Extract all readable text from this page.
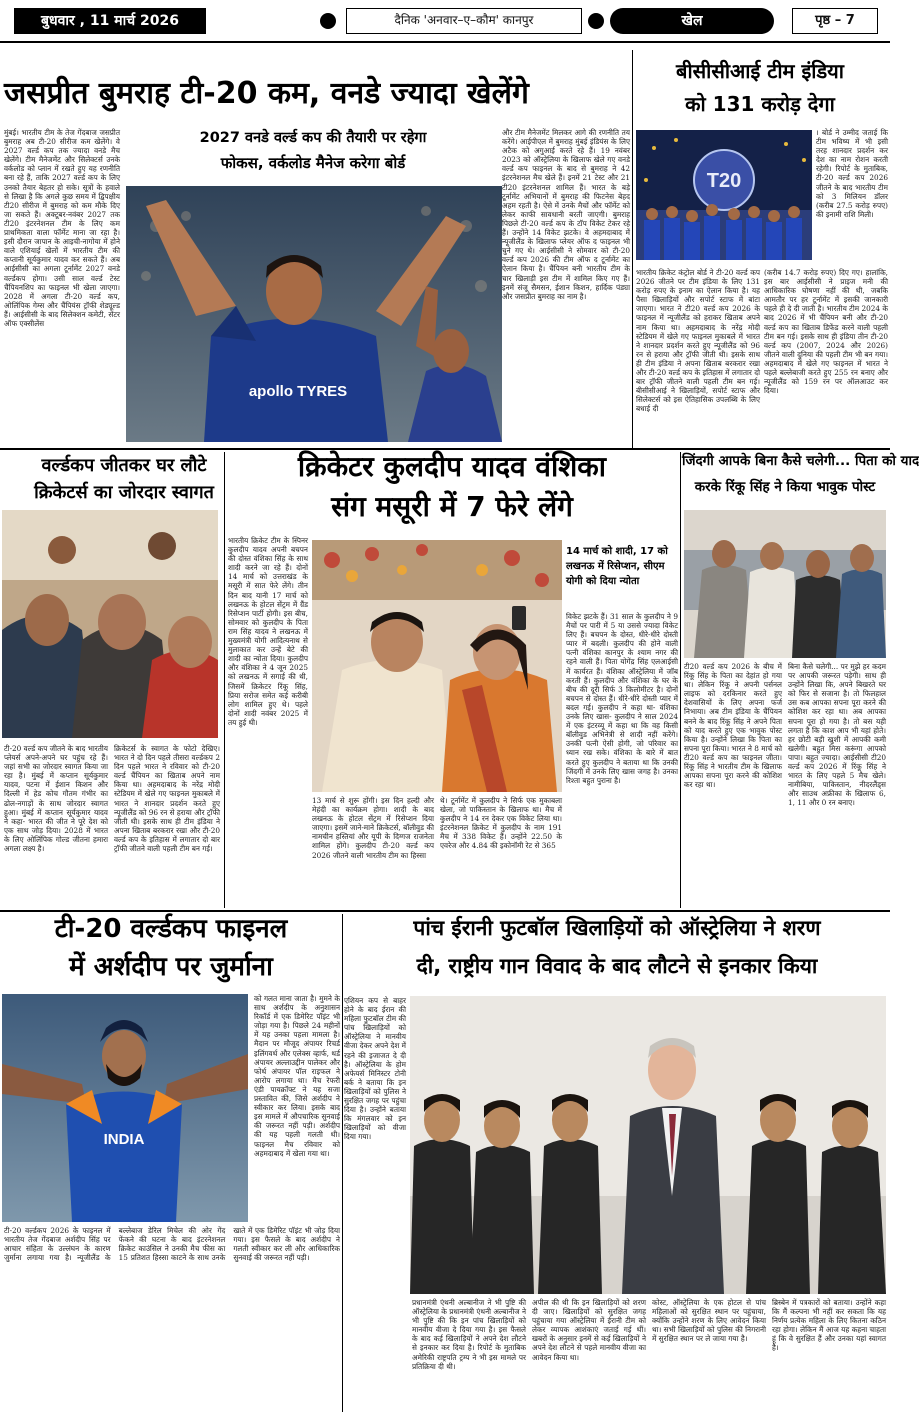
बुधवार , 11 मार्च 2026	दैनिक 'अनवार–ए–कौम' कानपुर	खेल	पृष्ठ – 7
जसप्रीत बुमराह टी-20 कम, वनडे ज्यादा खेलेंगे

मुंबई। भारतीय टीम के तेज गेंदबाज जसप्रीत बुमराह अब टी-20 सीरीज कम खेलेंगे। वे 2027 वर्ल्ड कप तक ज्यादा वनडे मैच खेलेंगे। टीम मैनेजमेंट और सिलेक्टर्स उनके वर्कलोड को प्लान में रखते हुए यह रणनीति बना रहे हैं, ताकि 2027 वर्ल्ड कप के लिए उनको तैयार बेहतर हो सके। सूत्रों के हवाले से लिखा है कि अगले कुछ समय में द्विपक्षीय टी20 सीरीज में बुमराह को कम मौके दिए जा सकते हैं। अक्टूबर-नवंबर 2027 तक टी20 इंटरनेशनल टीम के लिए कम प्राथमिकता वाला फॉर्मेट माना जा रहा है। इसी दौरान जापान के आइची-नागोया में होने वाले एशियाई खेलों में भारतीय टीम की कप्तानी सूर्यकुमार यादव कर सकते हैं। अब आईसीसी का अगला टूर्नामेंट 2027 वनडे वर्ल्डकप होगा। उसी साल वर्ल्ड टेस्ट चैंपियनशिप का फाइनल भी खेला जाएगा। 2028 में अगला टी-20 वर्ल्ड कप, ओलिंपिक गेम्स और चैंपियंस ट्रॉफी शेड्यूल्ड हैं। आईसीसी के बाद सिलेक्शन कमेटी, सेंटर ऑफ एक्सीलेंस

2027 वनडे वर्ल्ड कप की तैयारी पर रहेगा
फोकस, वर्कलोड मैनेज करेगा बोर्ड
apollo TYRES

और टीम मैनेजमेंट मिलकर आगे की रणनीति तय करेंगे। आईपीएल में बुमराह मुंबई इंडियंस के लिए अटैक को अगुआई करते रहे हैं। 19 नवंबर 2023 को ऑस्ट्रेलिया के खिलाफ खेले गए वनडे वर्ल्ड कप फाइनल के बाद से बुमराह ने 42 इंटरनेशनल मैच खेले हैं। इनमें 21 टेस्ट और 21 टी20 इंटरनेशनल शामिल हैं। भारत के बड़े टूर्नामेंट अभियानों में बुमराह की फिटनेस बेहद अहम रहती है। ऐसे में उनके मैचों और फॉर्मेट को लेकर काफी सावधानी बरती जाएगी। बुमराह पिछले टी-20 वर्ल्ड कप के टॉप विकेट टेकर रहे हैं। उन्होंने 14 विकेट झटके। वे अहमदाबाद में न्यूजीलैंड के खिलाफ प्लेयर ऑफ द फाइनल भी चुने गए थे। आईसीसी ने सोमवार को टी-20 वर्ल्ड कप 2026 की टीम ऑफ द टूर्नामेंट का ऐलान किया है। चैंपियन बनी भारतीय टीम के चार खिलाड़ी इस टीम में शामिल किए गए हैं। इनमें संजू सैमसन, ईशान किशन, हार्दिक पंड्या और जसप्रीत बुमराह का नाम है।

बीसीसीआई टीम इंडिया
को 131 करोड़ देगा
T20

। बोर्ड ने उम्मीद जताई कि टीम भविष्य में भी इसी तरह शानदार प्रदर्शन कर देश का नाम रोशन करती रहेगी। रिपोर्ट के मुताबिक, टी-20 वर्ल्ड कप 2026 जीतने के बाद भारतीय टीम को 3 मिलियन डॉलर (करीब 27.5 करोड़ रुपए) की इनामी राशि मिली।

भारतीय क्रिकेट कंट्रोल बोर्ड ने टी-20 वर्ल्ड कप 2026 जीतने पर टीम इंडिया के लिए 131 करोड़ रुपए के इनाम का ऐलान किया है। यह पैसा खिलाड़ियों और सपोर्ट स्टाफ में बांटा जाएगा। भारत ने टी20 वर्ल्ड कप 2026 के फाइनल में न्यूजीलैंड को हराकर खिताब अपने नाम किया था। अहमदाबाद के नरेंद्र मोदी स्टेडियम में खेले गए फाइनल मुकाबले में भारत ने शानदार प्रदर्शन करते हुए न्यूजीलैंड को 96 रन से हराया और ट्रॉफी जीती थी। इसके साथ ही टीम इंडिया ने अपना खिताब बरकरार रखा और टी-20 वर्ल्ड कप के इतिहास में लगातार दो बार ट्रॉफी जीतने वाली पहली टीम बन गई। बीसीसीआई ने खिलाड़ियों, सपोर्ट स्टाफ और सिलेक्टर्स को इस ऐतिहासिक उपलब्धि के लिए बधाई दी

(करीब 14.7 करोड़ रुपए) दिए गए। हालांकि, इस बार आईसीसी ने प्राइज मनी की आधिकारिक घोषणा नहीं की थी, जबकि आमतौर पर हर टूर्नामेंट में इसकी जानकारी पहले ही दे दी जाती है। भारतीय टीम 2024 के बाद 2026 में भी चैंपियन बनी और टी-20 वर्ल्ड कप का खिताब डिफेंड करने वाली पहली टीम बन गई। इसके साथ ही इंडिया तीन टी-20 वर्ल्ड कप (2007, 2024 और 2026) जीतने वाली दुनिया की पहली टीम भी बन गया। अहमदाबाद में खेले गए फाइनल में भारत ने पहले बल्लेबाजी करते हुए 255 रन बनाए और न्यूजीलैंड को 159 रन पर ऑलआउट कर दिया।

वर्ल्डकप जीतकर घर लौटे
क्रिकेटर्स का जोरदार स्वागत

टी-20 वर्ल्ड कप जीतने के बाद भारतीय प्लेयर्स अपने-अपने घर पहुंच रहे हैं। जहां सभी का जोरदार स्वागत किया जा रहा है। मुंबई में कप्तान सूर्यकुमार यादव, पटना में ईशान किशन और दिल्ली में हेड कोच गौतम गंभीर का ढोल-नगाड़ों के साथ जोरदार स्वागत हुआ। मुंबई में कप्तान सूर्यकुमार यादव ने कहा- भारत की जीत ने पूरे देश को एक साथ जोड़ दिया। 2028 में भारत के लिए ओलिंपिक गोल्ड जीतना हमारा अगला लक्ष्य है।

क्रिकेटर्स के स्वागत के फोटो देखिए। भारत ने दो दिन पहले तीसरा वर्ल्डकप 2 दिन पहले भारत ने रविवार को टी-20 वर्ल्ड चैंपियन का खिताब अपने नाम किया था। अहमदाबाद के नरेंद्र मोदी स्टेडियम में खेले गए फाइनल मुकाबले में भारत ने शानदार प्रदर्शन करते हुए न्यूजीलैंड को 96 रन से हराया और ट्रॉफी जीती थी। इसके साथ ही टीम इंडिया ने अपना खिताब बरकरार रखा और टी-20 वर्ल्ड कप के इतिहास में लगातार दो बार ट्रॉफी जीतने वाली पहली टीम बन गई।

क्रिकेटर कुलदीप यादव वंशिका
संग मसूरी में 7 फेरे लेंगे

भारतीय क्रिकेट टीम के स्पिनर कुलदीप यादव अपनी बचपन की दोस्त वंशिका सिंह के साथ शादी करने जा रहे हैं। दोनों 14 मार्च को उत्तराखंड के मसूरी में सात फेरे लेंगे। तीन दिन बाद यानी 17 मार्च को लखनऊ के होटल सेंट्रम में ग्रैंड रिसेप्शन पार्टी होगी। इस बीच, सोमवार को कुलदीप के पिता राम सिंह यादव ने लखनऊ में मुख्यमंत्री योगी आदित्यनाथ से मुलाकात कर उन्हें बेटे की शादी का न्योता दिया। कुलदीप और वंशिका ने 4 जून 2025 को लखनऊ में सगाई की थी, जिसमें क्रिकेटर रिंकू सिंह, प्रिया सरोज समेत कई करीबी लोग शामिल हुए थे। पहले दोनों शादी नवंबर 2025 में तय हुई थी।

14 मार्च को शादी, 17 को लखनऊ में रिसेप्शन, सीएम योगी को दिया न्योता

विकेट झटके हैं। 31 साल के कुलदीप ने 9 मैचों पर पारी में 5 या उससे ज्यादा विकेट लिए हैं। बचपन के दोस्त, धीरे-धीरे दोस्ती प्यार में बदली। कुलदीप की होने वाली पत्नी वंशिका कानपुर के श्याम नगर की रहने वाली हैं। पिता योगेंद्र सिंह एलआईसी में कार्यरत हैं। वंशिका ऑस्ट्रेलिया में जॉब करती हैं। कुलदीप और वंशिका के घर के बीच की दूरी सिर्फ 3 किलोमीटर है। दोनों बचपन से दोस्त हैं। धीरे-धीरे दोस्ती प्यार में बदल गई। कुलदीप ने कहा था- वंशिका उनके लिए खास- कुलदीप ने साल 2024 में एक इंटरव्यू में कहा था कि वह किसी बॉलीवुड अभिनेत्री से शादी नहीं करेंगे। उनकी पत्नी ऐसी होगी, जो परिवार का ध्यान रख सके। वंशिका के बारे में बात करते हुए कुलदीप ने बताया था कि उनकी जिंदगी में उनके लिए खास जगह है। उनका रिश्ता बहुत पुराना है।

13 मार्च से शुरू होंगी। इस दिन हल्दी और मेहंदी का कार्यक्रम होगा। शादी के बाद लखनऊ के होटल सेंट्रम में रिसेप्शन दिया जाएगा। इसमें जाने-माने क्रिकेटर्स, बॉलीवुड की नामचीन हस्तियां और यूपी के दिग्गज राजनेता शामिल होंगे। कुलदीप टी-20 वर्ल्ड कप 2026 जीतने वाली भारतीय टीम का हिस्सा

थे। टूर्नामेंट में कुलदीप ने सिर्फ एक मुकाबला खेला, जो पाकिस्तान के खिलाफ था। मैच में कुलदीप ने 14 रन देकर एक विकेट लिया था। इंटरनेशनल क्रिकेट में कुलदीप के नाम 191 मैच में 338 विकेट हैं। उन्होंने 22.50 के एवरेज और 4.84 की इकोनॉमी रेट से 365

जिंदगी आपके बिना कैसे चलेगी... पिता को याद
करके रिंकू सिंह ने किया भावुक पोस्ट

टी20 वर्ल्ड कप 2026 के बीच में रिंकू सिंह के पिता का देहांत हो गया था। लेकिन रिंकू ने अपनी पर्सनल लाइफ को दरकिनार करते हुए देशवासियों के लिए अपना फर्ज निभाया। अब टीम इंडिया के चैंपियन बनने के बाद रिंकू सिंह ने अपने पिता को याद करते हुए एक भावुक पोस्ट किया है। उन्होंने लिखा कि पिता का सपना पूरा किया। भारत ने 8 मार्च को टी20 वर्ल्ड कप का फाइनल जीता। रिंकू सिंह ने भारतीय टीम के खिलाफ आपका सपना पूरा करने की कोशिश कर रहा था।

बिना कैसे चलेगी... पर मुझे हर कदम पर आपकी जरूरत पड़ेगी। साथ ही उन्होंने लिखा कि, अपने बिखरते घर को फिर से सजाना है। तो फिलहाल उस कब आपका सपना पूरा करने की कोशिश कर रहा था। अब आपका सपना पूरा हो गया है। तो बस यही लगता है कि काश आप भी यहां होते। हर छोटी बड़ी खुशी में आपकी कमी खलेगी। बहुत मिस करूंगा आपको पापा। बहुत ज्यादा। आईसीसी टी20 वर्ल्ड कप 2026 में रिंकू सिंह ने भारत के लिए पहले 5 मैच खेले। नामीबिया, पाकिस्तान, नीदरलैंड्स और साउथ अफ्रीका के खिलाफ 6, 1, 11 और 0 रन बनाए।

टी-20 वर्ल्डकप फाइनल
में अर्शदीप पर जुर्माना
INDIA

को गलत माना जाता है। मुमने के साथ अर्शदीप के अनुशासन रिकॉर्ड में एक डिमेरिट पॉइंट भी जोड़ा गया है। पिछले 24 महीनों में यह उनका पहला मामला है। मैदान पर मौजूद अंपायर रिचर्ड इलिंगवर्थ और एलेक्स व्हार्फ, थर्ड अंपायर अल्लाउद्दीन पालेकर और फोर्थ अंपायर पॉल राइफल ने आरोप लगाया था। मैच रेफरी एंडी पायक्रॉफ्ट ने यह सजा प्रस्तावित की, जिसे अर्शदीप ने स्वीकार कर लिया। इसके बाद इस मामले में औपचारिक सुनवाई की जरूरत नहीं पड़ी। अर्शदीप की यह पहली गलती थी। फाइनल मैच रविवार को अहमदाबाद में खेला गया था।

टी-20 वर्ल्डकप 2026 के फाइनल में भारतीय तेज गेंदबाज अर्शदीप सिंह पर आचार संहिता के उल्लंघन के कारण जुर्माना लगाया गया है। न्यूजीलैंड के बल्लेबाज डेरिल मिचेल की ओर गेंद फेंकने की घटना के बाद इंटरनेशनल क्रिकेट काउंसिल ने उनकी मैच फीस का 15 प्रतिशत हिस्सा काटने के साथ उनके खाते में एक डिमेरिट पॉइंट भी जोड़ दिया गया। इस फैसले के बाद अर्शदीप ने गलती स्वीकार कर ली और आधिकारिक सुनवाई की जरूरत नहीं पड़ी।

पांच ईरानी फुटबॉल खिलाड़ियों को ऑस्ट्रेलिया ने शरण
दी, राष्ट्रीय गान विवाद के बाद लौटने से इनकार किया

एशियन कप से बाहर होने के बाद ईरान की महिला फुटबॉल टीम की पांच खिलाड़ियों को ऑस्ट्रेलिया ने मानवीय वीजा देकर अपने देश में रहने की इजाजत दे दी है। ऑस्ट्रेलिया के होम अफेयर्स मिनिस्टर टोनी बर्क ने बताया कि इन खिलाड़ियों को पुलिस ने सुरक्षित जगह पर पहुंचा दिया है। उन्होंने बताया कि मंगलवार को इन खिलाड़ियों को वीजा दिया गया।

प्रधानमंत्री एंथनी अल्बानीज ने भी पुष्टि की ऑस्ट्रेलिया के प्रधानमंत्री एंथनी अल्बानीज ने भी पुष्टि की कि इन पांच खिलाड़ियों को मानवीय वीजा दे दिया गया है। इस फैसले के बाद कई खिलाड़ियों ने अपने देश लौटने से इनकार कर दिया है। रिपोर्ट के मुताबिक अमेरिकी राष्ट्रपति ट्रम्प ने भी इस मामले पर प्रतिक्रिया दी थी।

अपील की थी कि इन खिलाड़ियों को शरण दी जाए। खिलाड़ियों को सुरक्षित जगह पहुंचाया गया ऑस्ट्रेलिया में ईरानी टीम को लेकर व्यापक आशंकाएं जताई गई थीं। खबरों के अनुसार इनमें से कई खिलाड़ियों ने अपने देश लौटने से पहले मानवीय वीजा का आवेदन किया था।

कोस्ट, ऑस्ट्रेलिया के एक होटल से पांच महिलाओं को सुरक्षित स्थान पर पहुंचाया, क्योंकि उन्होंने शरण के लिए आवेदन किया था। सभी खिलाड़ियों को पुलिस की निगरानी में सुरक्षित स्थान पर ले जाया गया है।

ब्रिस्बेन में पत्रकारों को बताया। उन्होंने कहा कि मैं कल्पना भी नहीं कर सकता कि यह निर्णय प्रत्येक महिला के लिए कितना कठिन रहा होगा। लेकिन मैं आज यह कहना चाहता हूं कि वे सुरक्षित हैं और उनका यहां स्वागत है।
